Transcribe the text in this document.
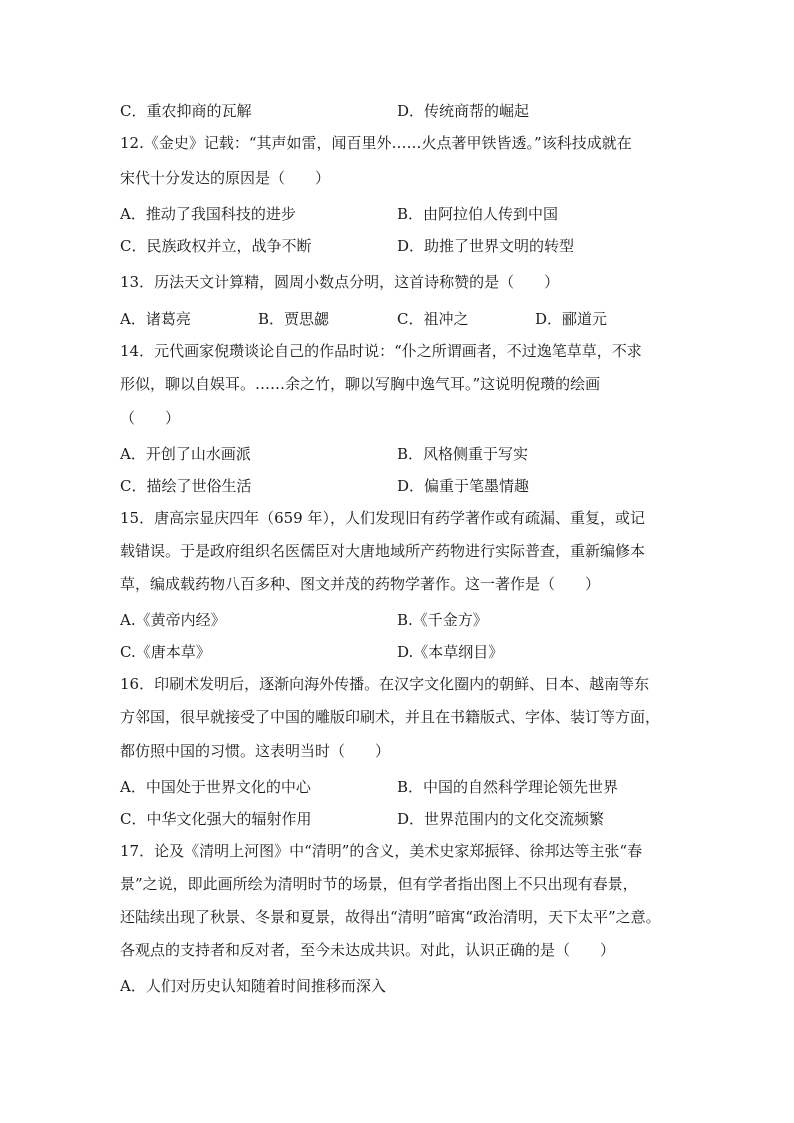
C．重农抑商的瓦解	D．传统商帮的崛起
12.《金史》记载：“其声如雷，闻百里外……火点著甲铁皆透。”该科技成就在
宋代十分发达的原因是（　　）
A．推动了我国科技的进步	B．由阿拉伯人传到中国
C．民族政权并立，战争不断	D．助推了世界文明的转型
13．历法天文计算精，圆周小数点分明，这首诗称赞的是（　　）
A．诸葛亮	B．贾思勰	C．祖冲之	D．郦道元
14．元代画家倪瓒谈论自己的作品时说：“仆之所谓画者，不过逸笔草草，不求
形似，聊以自娱耳。……余之竹，聊以写胸中逸气耳。”这说明倪瓒的绘画
（　　）
A．开创了山水画派	B．风格侧重于写实
C．描绘了世俗生活	D．偏重于笔墨情趣
15．唐高宗显庆四年（659 年），人们发现旧有药学著作或有疏漏、重复，或记
载错误。于是政府组织名医儒臣对大唐地域所产药物进行实际普查，重新编修本
草，编成载药物八百多种、图文并茂的药物学著作。这一著作是（　　）
A.《黄帝内经》	B.《千金方》
C.《唐本草》	D.《本草纲目》
16．印刷术发明后，逐渐向海外传播。在汉字文化圈内的朝鲜、日本、越南等东
方邻国，很早就接受了中国的雕版印刷术，并且在书籍版式、字体、装订等方面，
都仿照中国的习惯。这表明当时（　　）
A．中国处于世界文化的中心	B．中国的自然科学理论领先世界
C．中华文化强大的辐射作用	D．世界范围内的文化交流频繁
17．论及《清明上河图》中“清明”的含义，美术史家郑振铎、徐邦达等主张“春
景”之说，即此画所绘为清明时节的场景，但有学者指出图上不只出现有春景，
还陆续出现了秋景、冬景和夏景，故得出“清明”暗寓“政治清明，天下太平”之意。
各观点的支持者和反对者，至今未达成共识。对此，认识正确的是（　　）
A．人们对历史认知随着时间推移而深入
